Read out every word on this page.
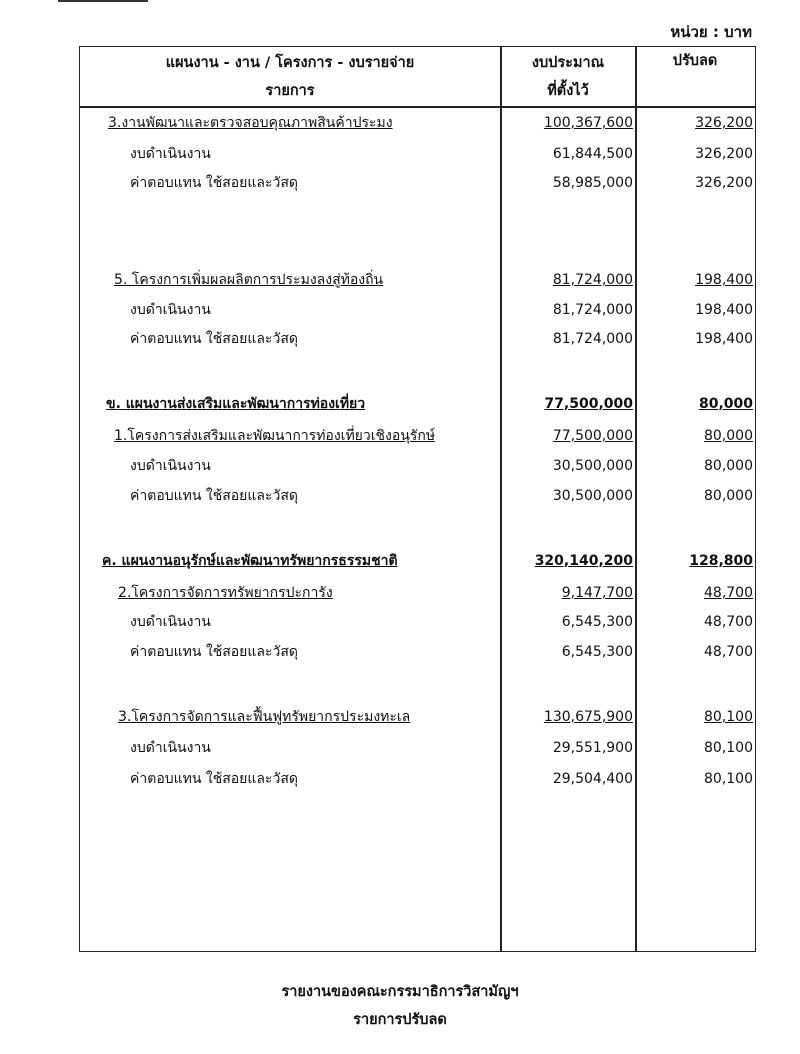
หน่วย : บาท
แผนงาน - งาน / โครงการ - งบรายจ่าย
รายการ
งบประมาณ
ที่ตั้งไว้
ปรับลด
3.งานพัฒนาและตรวจสอบคุณภาพสินค้าประมง	100,367,600	326,200
งบดำเนินงาน	61,844,500	326,200
ค่าตอบแทน ใช้สอยและวัสดุ	58,985,000	326,200
5. โครงการเพิ่มผลผลิตการประมงลงสู่ท้องถิ่น	81,724,000	198,400
งบดำเนินงาน	81,724,000	198,400
ค่าตอบแทน ใช้สอยและวัสดุ	81,724,000	198,400
ข. แผนงานส่งเสริมและพัฒนาการท่องเที่ยว	77,500,000	80,000
1.โครงการส่งเสริมและพัฒนาการท่องเที่ยวเชิงอนุรักษ์	77,500,000	80,000
งบดำเนินงาน	30,500,000	80,000
ค่าตอบแทน ใช้สอยและวัสดุ	30,500,000	80,000
ค. แผนงานอนุรักษ์และพัฒนาทรัพยากรธรรมชาติ	320,140,200	128,800
2.โครงการจัดการทรัพยากรปะการัง	9,147,700	48,700
งบดำเนินงาน	6,545,300	48,700
ค่าตอบแทน ใช้สอยและวัสดุ	6,545,300	48,700
3.โครงการจัดการและฟื้นฟูทรัพยากรประมงทะเล	130,675,900	80,100
งบดำเนินงาน	29,551,900	80,100
ค่าตอบแทน ใช้สอยและวัสดุ	29,504,400	80,100
รายงานของคณะกรรมาธิการวิสามัญฯ
รายการปรับลด
